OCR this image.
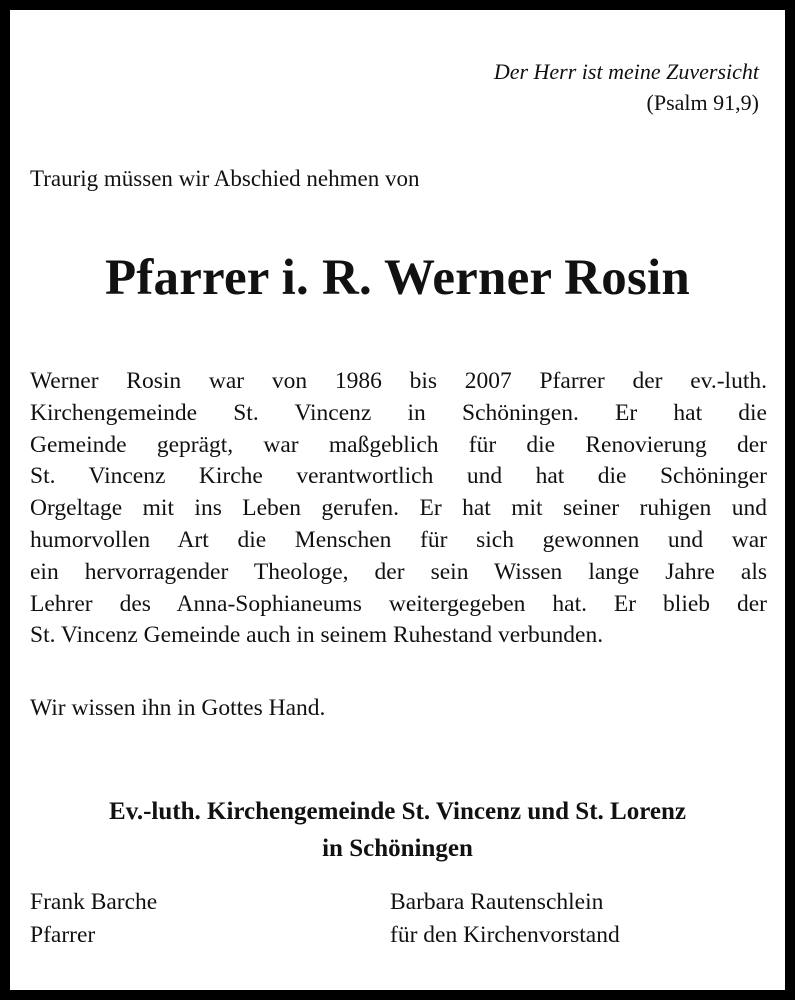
Der Herr ist meine Zuversicht
(Psalm 91,9)
Traurig müssen wir Abschied nehmen von
Pfarrer i. R. Werner Rosin
Werner Rosin war von 1986 bis 2007 Pfarrer der ev.-luth.
Kirchengemeinde St. Vincenz in Schöningen. Er hat die
Gemeinde geprägt, war maßgeblich für die Renovierung der
St. Vincenz Kirche verantwortlich und hat die Schöninger
Orgeltage mit ins Leben gerufen. Er hat mit seiner ruhigen und
humorvollen Art die Menschen für sich gewonnen und war
ein hervorragender Theologe, der sein Wissen lange Jahre als
Lehrer des Anna-Sophianeums weitergegeben hat. Er blieb der
St. Vincenz Gemeinde auch in seinem Ruhestand verbunden.
Wir wissen ihn in Gottes Hand.
Ev.-luth. Kirchengemeinde St. Vincenz und St. Lorenz
in Schöningen
Frank Barche
Pfarrer
Barbara Rautenschlein
für den Kirchenvorstand
